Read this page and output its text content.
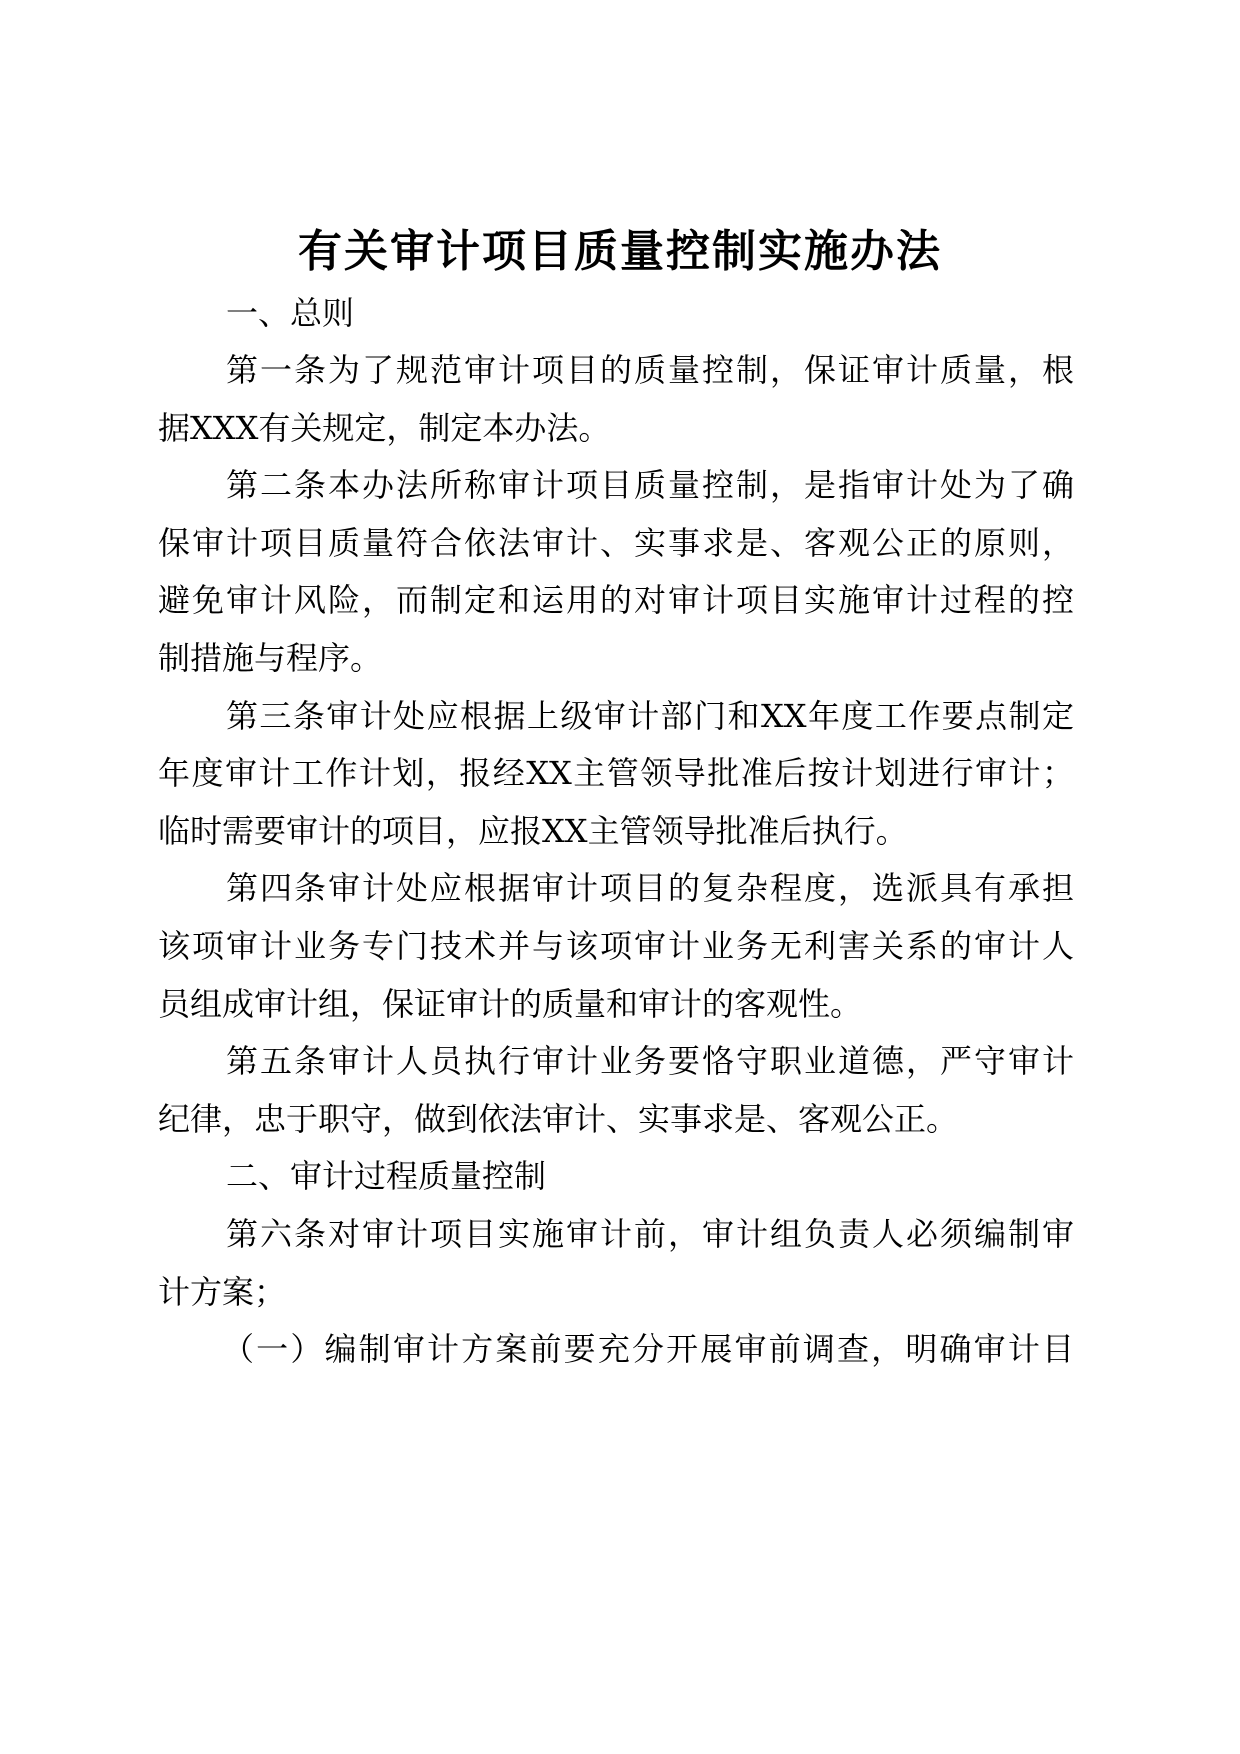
有关审计项目质量控制实施办法
一、总则
第一条为了规范审计项目的质量控制，保证审计质量，根
据XXX有关规定，制定本办法。
第二条本办法所称审计项目质量控制，是指审计处为了确
保审计项目质量符合依法审计、实事求是、客观公正的原则，
避免审计风险，而制定和运用的对审计项目实施审计过程的控
制措施与程序。
第三条审计处应根据上级审计部门和XX年度工作要点制定
年度审计工作计划，报经XX主管领导批准后按计划进行审计；
临时需要审计的项目，应报XX主管领导批准后执行。
第四条审计处应根据审计项目的复杂程度，选派具有承担
该项审计业务专门技术并与该项审计业务无利害关系的审计人
员组成审计组，保证审计的质量和审计的客观性。
第五条审计人员执行审计业务要恪守职业道德，严守审计
纪律，忠于职守，做到依法审计、实事求是、客观公正。
二、审计过程质量控制
第六条对审计项目实施审计前，审计组负责人必须编制审
计方案；
（一）编制审计方案前要充分开展审前调查，明确审计目
